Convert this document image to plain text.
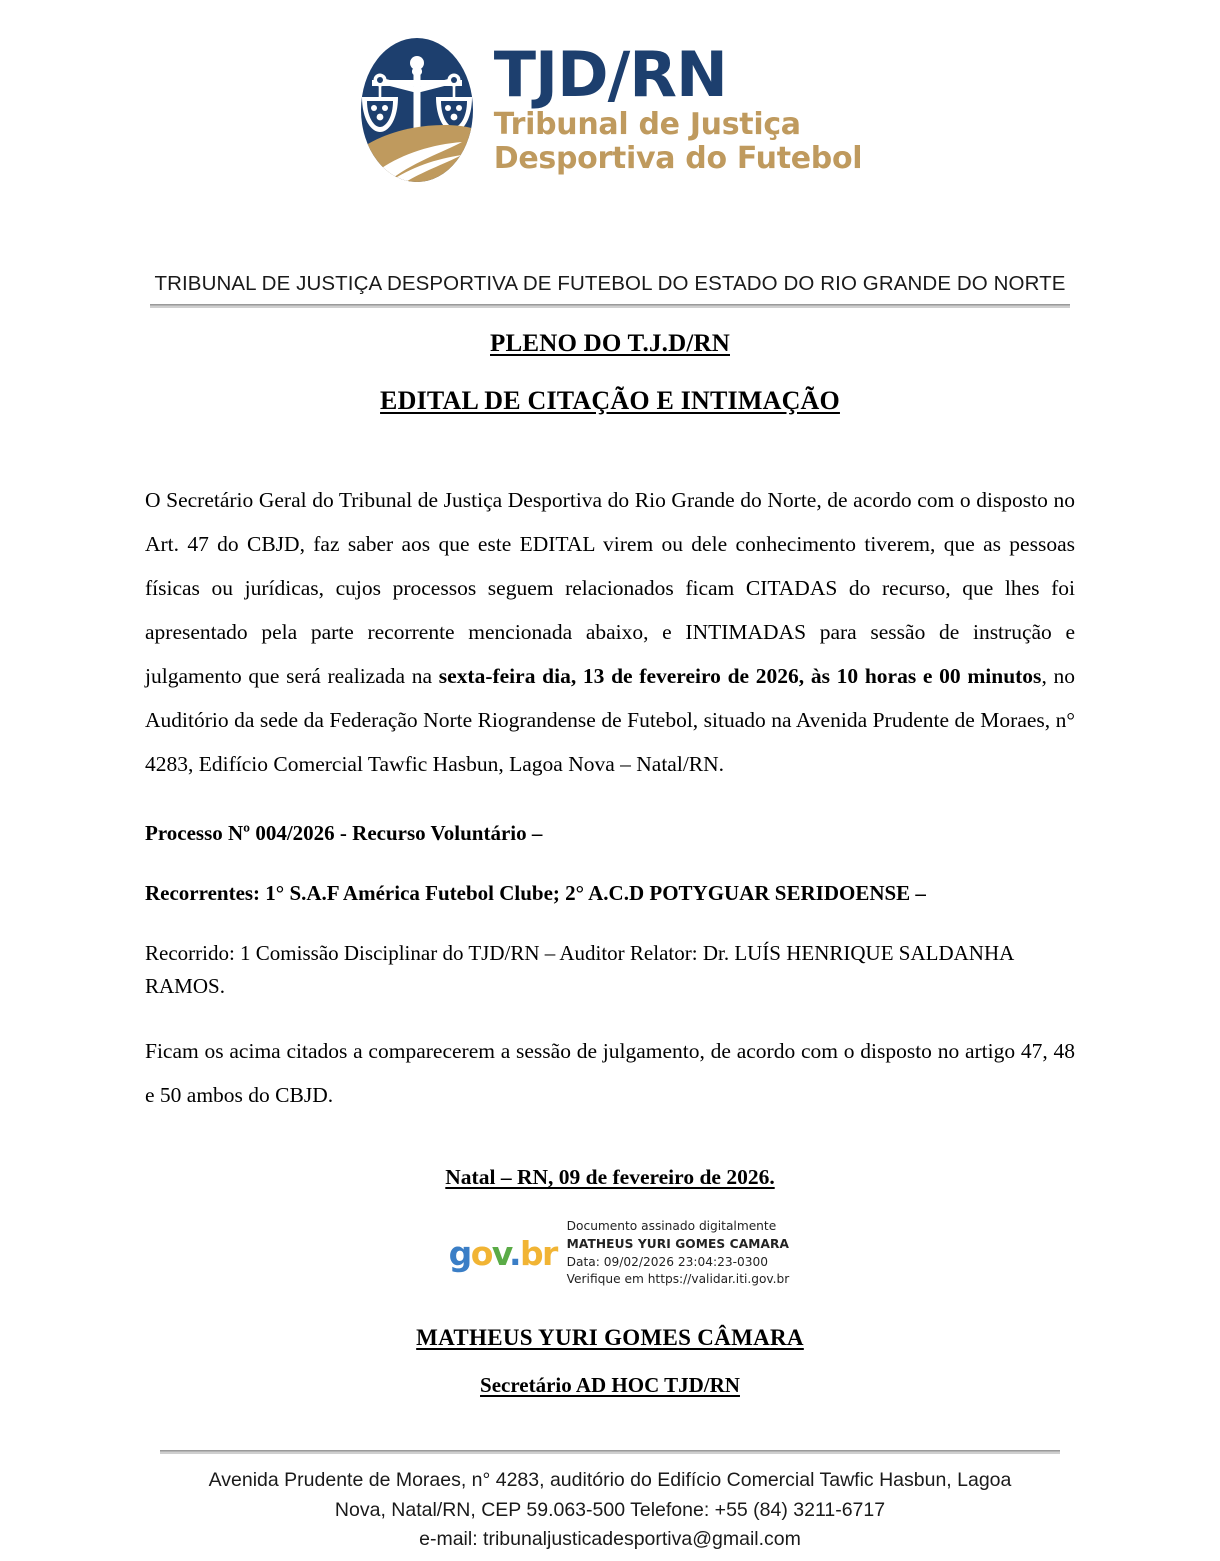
TJD/RN
Tribunal de Justiça
Desportiva do Futebol
TRIBUNAL DE JUSTIÇA DESPORTIVA DE FUTEBOL DO ESTADO DO RIO GRANDE DO NORTE
PLENO DO T.J.D/RN
EDITAL DE CITAÇÃO E INTIMAÇÃO

O Secretário Geral do Tribunal de Justiça Desportiva do Rio Grande do Norte, de acordo com o disposto no Art. 47 do CBJD, faz saber aos que este EDITAL virem ou dele conhecimento tiverem, que as pessoas físicas ou jurídicas, cujos processos seguem relacionados ficam CITADAS do recurso, que lhes foi apresentado pela parte recorrente mencionada abaixo, e INTIMADAS para sessão de instrução e julgamento que será realizada na sexta-feira dia, 13 de fevereiro de 2026, às 10 horas e 00 minutos, no Auditório da sede da Federação Norte Riograndense de Futebol, situado na Avenida Prudente de Moraes, n° 4283, Edifício Comercial Tawfic Hasbun, Lagoa Nova – Natal/RN.

Processo Nº 004/2026 - Recurso Voluntário –

Recorrentes: 1° S.A.F América Futebol Clube; 2° A.C.D POTYGUAR SERIDOENSE –

Recorrido: 1 Comissão Disciplinar do TJD/RN – Auditor Relator: Dr. LUÍS HENRIQUE SALDANHA RAMOS.

Ficam os acima citados a comparecerem a sessão de julgamento, de acordo com o disposto no artigo 47, 48 e 50 ambos do CBJD.

Natal – RN, 09 de fevereiro de 2026.
gov.br
Documento assinado digitalmente
MATHEUS YURI GOMES CAMARA
Data: 09/02/2026 23:04:23-0300
Verifique em https://validar.iti.gov.br
MATHEUS YURI GOMES CÂMARA
Secretário AD HOC TJD/RN
Avenida Prudente de Moraes, n° 4283, auditório do Edifício Comercial Tawfic Hasbun, Lagoa
Nova, Natal/RN, CEP 59.063-500 Telefone: +55 (84) 3211-6717
e-mail: tribunaljusticadesportiva@gmail.com
